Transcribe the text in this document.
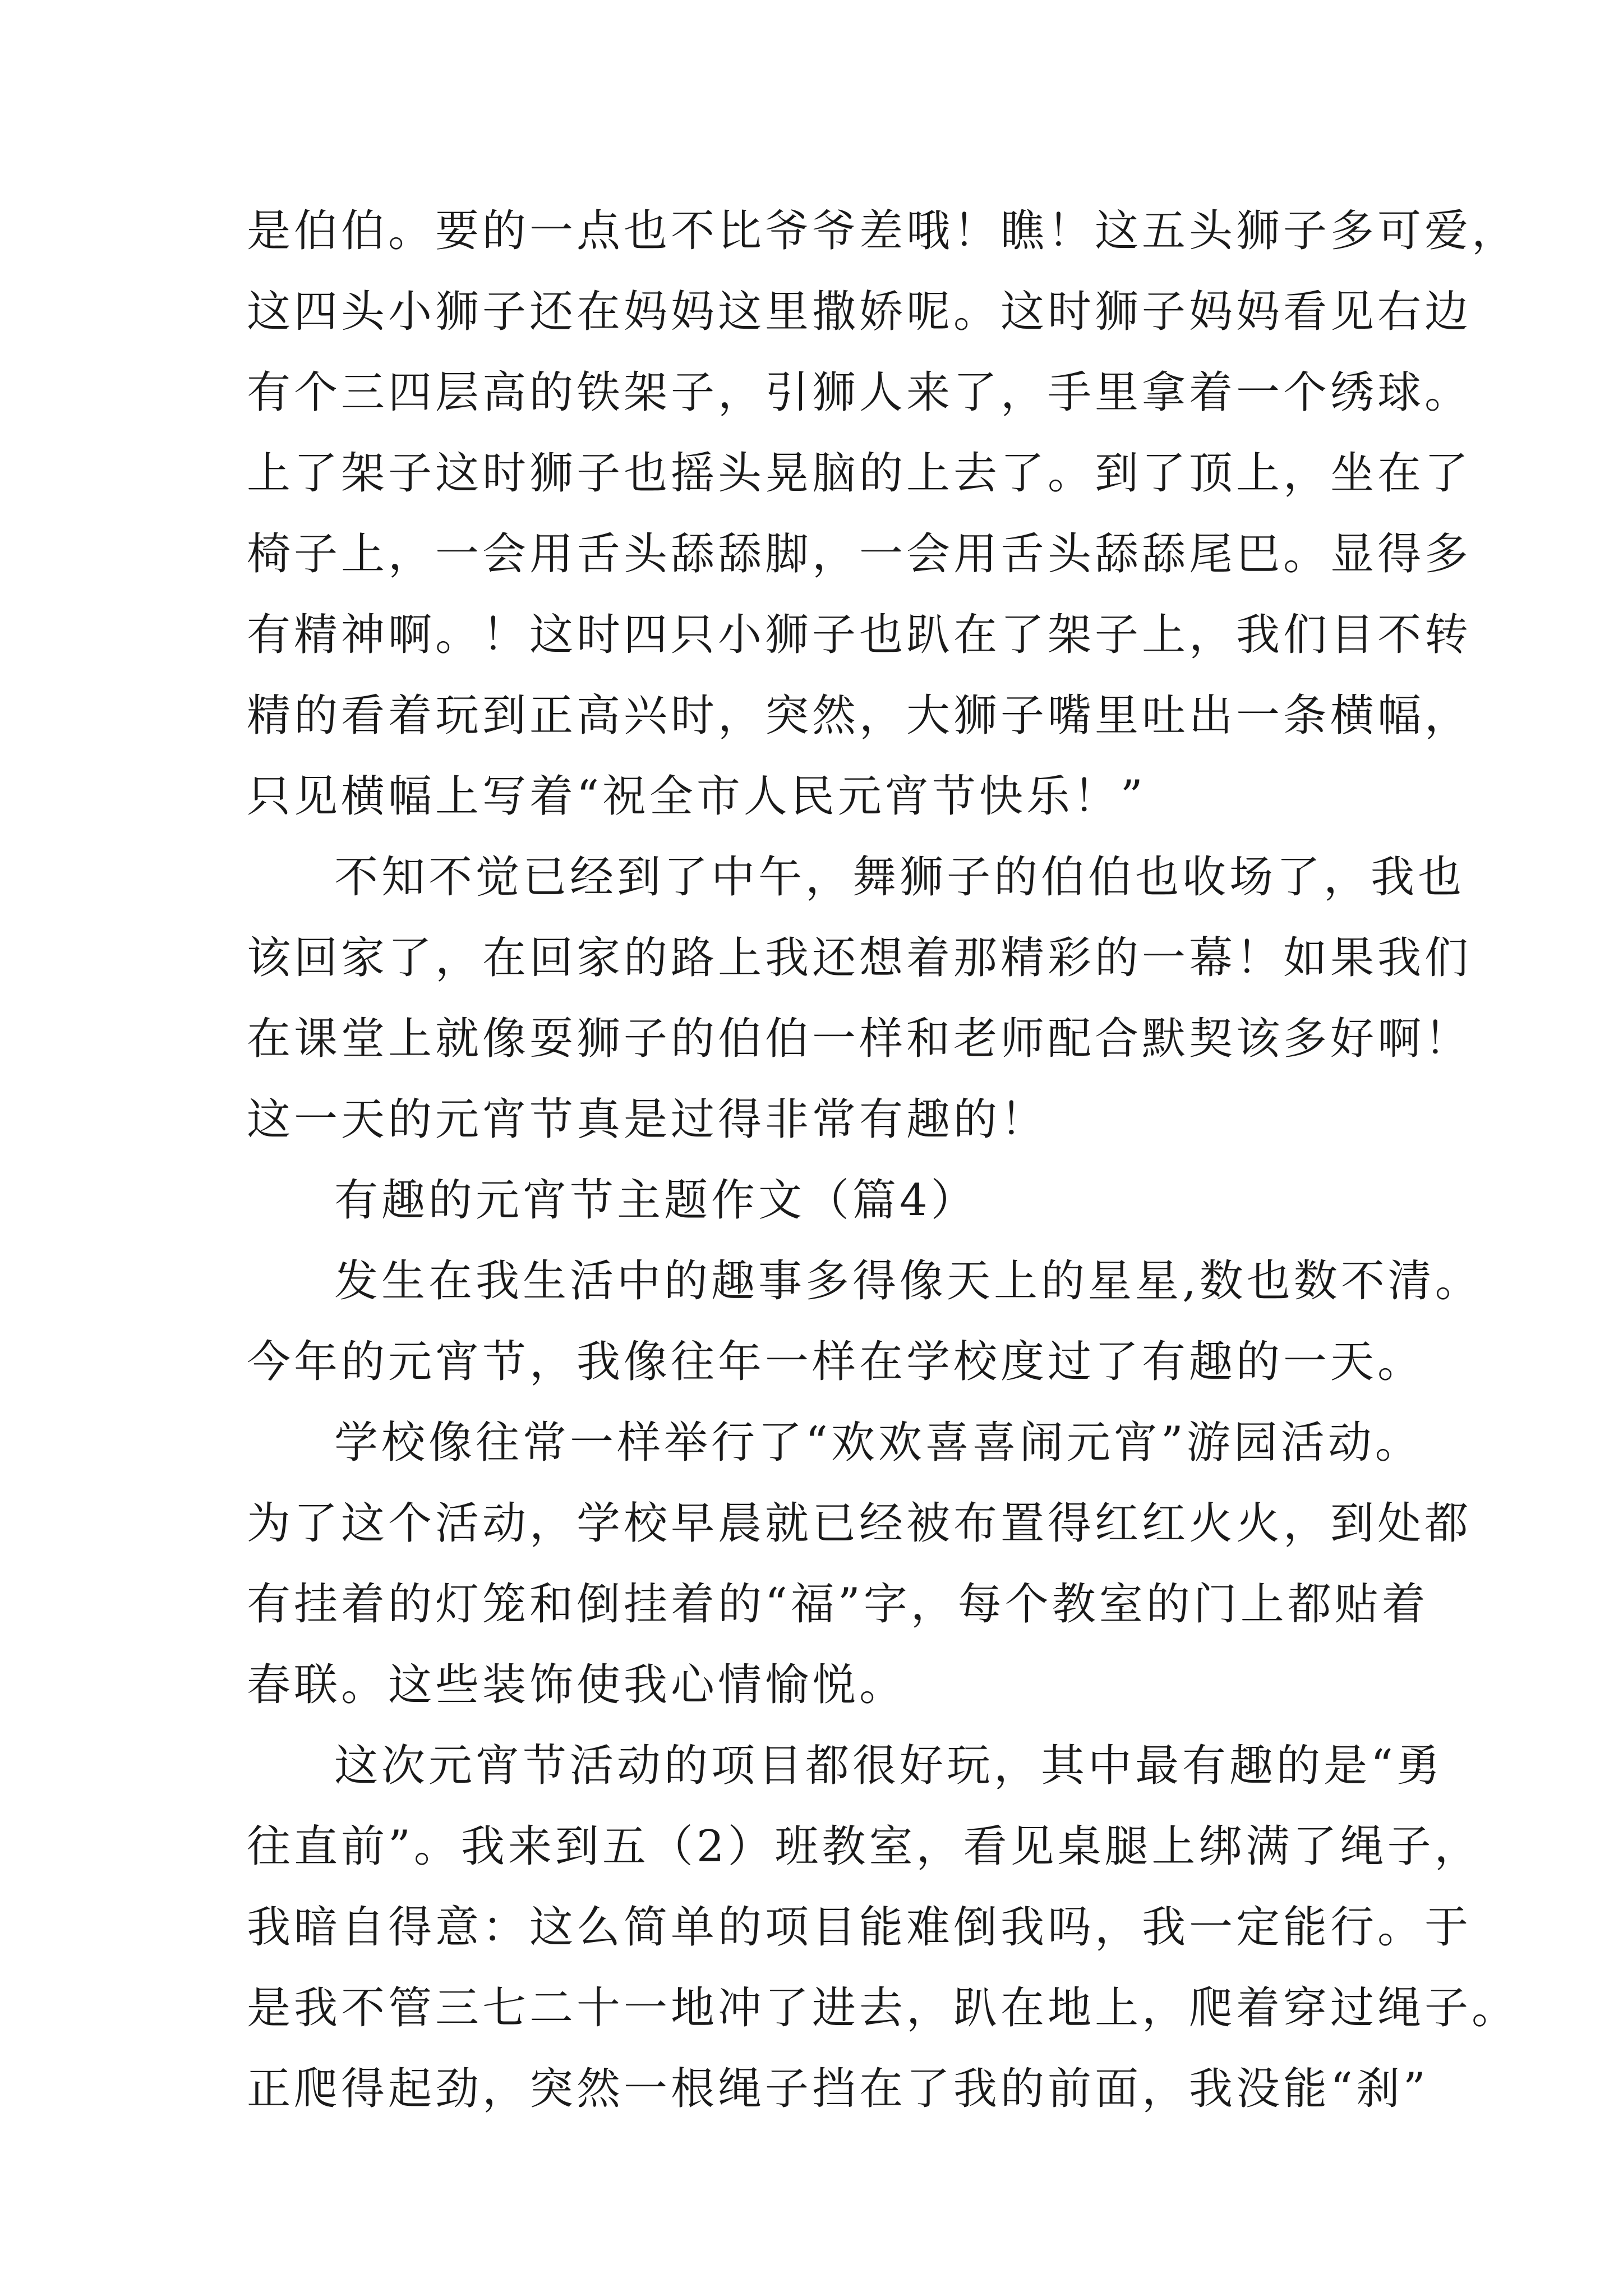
是伯伯。要的一点也不比爷爷差哦！瞧！这五头狮子多可爱，
这四头小狮子还在妈妈这里撒娇呢。这时狮子妈妈看见右边
有个三四层高的铁架子，引狮人来了，手里拿着一个绣球。
上了架子这时狮子也摇头晃脑的上去了。到了顶上，坐在了
椅子上，一会用舌头舔舔脚，一会用舌头舔舔尾巴。显得多
有精神啊。！这时四只小狮子也趴在了架子上，我们目不转
精的看着玩到正高兴时，突然，大狮子嘴里吐出一条横幅，
只见横幅上写着“祝全市人民元宵节快乐！”
不知不觉已经到了中午，舞狮子的伯伯也收场了，我也
该回家了，在回家的路上我还想着那精彩的一幕！如果我们
在课堂上就像耍狮子的伯伯一样和老师配合默契该多好啊！
这一天的元宵节真是过得非常有趣的！
有趣的元宵节主题作文（篇4）
发生在我生活中的趣事多得像天上的星星,数也数不清。
今年的元宵节，我像往年一样在学校度过了有趣的一天。
学校像往常一样举行了“欢欢喜喜闹元宵”游园活动。
为了这个活动，学校早晨就已经被布置得红红火火，到处都
有挂着的灯笼和倒挂着的“福”字，每个教室的门上都贴着
春联。这些装饰使我心情愉悦。
这次元宵节活动的项目都很好玩，其中最有趣的是“勇
往直前”。我来到五（2）班教室，看见桌腿上绑满了绳子，
我暗自得意：这么简单的项目能难倒我吗，我一定能行。于
是我不管三七二十一地冲了进去，趴在地上，爬着穿过绳子。
正爬得起劲，突然一根绳子挡在了我的前面，我没能“刹”
